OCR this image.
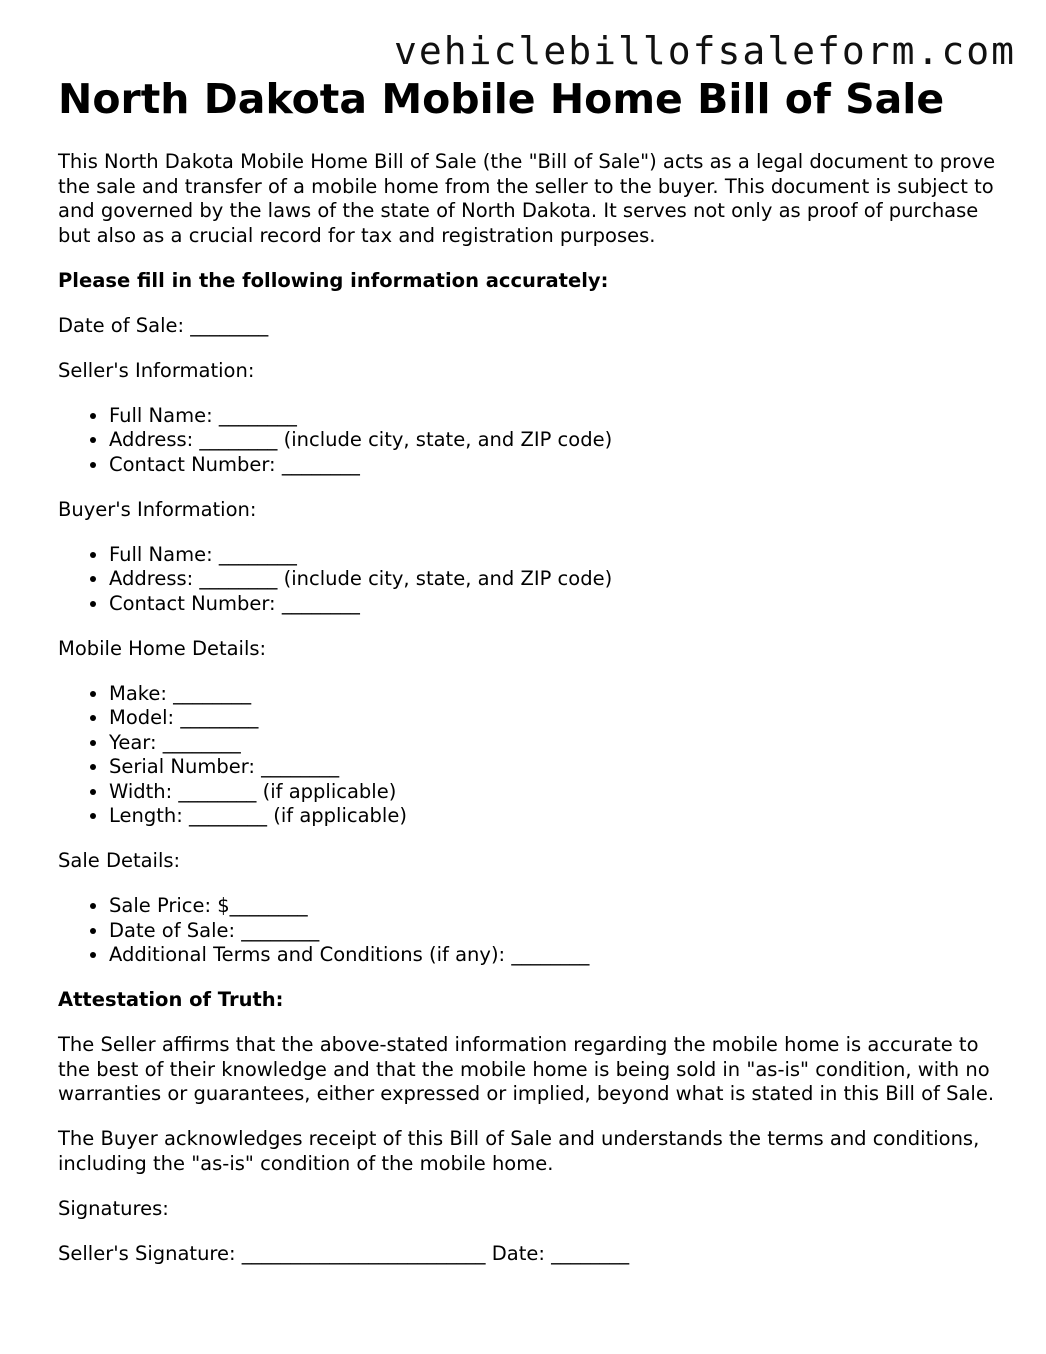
vehiclebillofsaleform.com
North Dakota Mobile Home Bill of Sale

This North Dakota Mobile Home Bill of Sale (the "Bill of Sale") acts as a legal document to prove the sale and transfer of a mobile home from the seller to the buyer. This document is subject to and governed by the laws of the state of North Dakota. It serves not only as proof of purchase but also as a crucial record for tax and registration purposes.

Please fill in the following information accurately:

Date of Sale: ________

Seller's Information:

• Full Name: ________
• Address: ________ (include city, state, and ZIP code)
• Contact Number: ________

Buyer's Information:

• Full Name: ________
• Address: ________ (include city, state, and ZIP code)
• Contact Number: ________

Mobile Home Details:

• Make: ________
• Model: ________
• Year: ________
• Serial Number: ________
• Width: ________ (if applicable)
• Length: ________ (if applicable)

Sale Details:

• Sale Price: $________
• Date of Sale: ________
• Additional Terms and Conditions (if any): ________

Attestation of Truth:

The Seller affirms that the above-stated information regarding the mobile home is accurate to the best of their knowledge and that the mobile home is being sold in "as-is" condition, with no warranties or guarantees, either expressed or implied, beyond what is stated in this Bill of Sale.

The Buyer acknowledges receipt of this Bill of Sale and understands the terms and conditions, including the "as-is" condition of the mobile home.

Signatures:

Seller's Signature: _________________________ Date: ________
